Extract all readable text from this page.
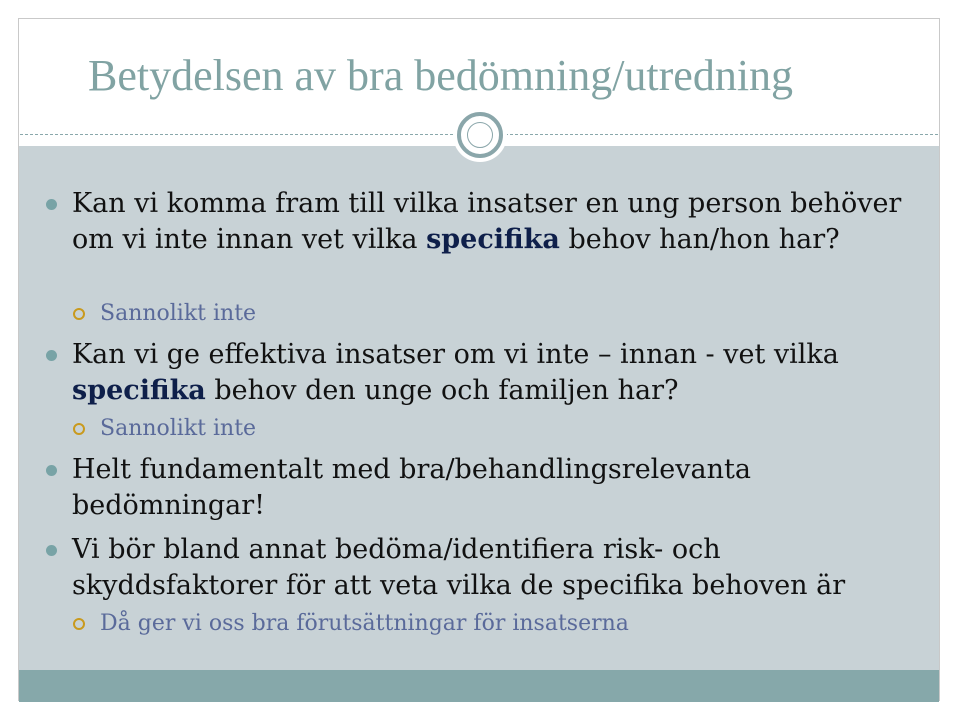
Betydelsen av bra bedömning/utredning
Kan vi komma fram till vilka insatser en ung person behöver om vi inte innan vet vilka specifika behov han/hon har?
Sannolikt inte
Kan vi ge effektiva insatser om vi inte – innan - vet vilka specifika behov den unge och familjen har?
Sannolikt inte
Helt fundamentalt med bra/behandlingsrelevanta bedömningar!
Vi bör bland annat bedöma/identifiera risk- och skyddsfaktorer för att veta vilka de specifika behoven är
Då ger vi oss bra förutsättningar för insatserna
